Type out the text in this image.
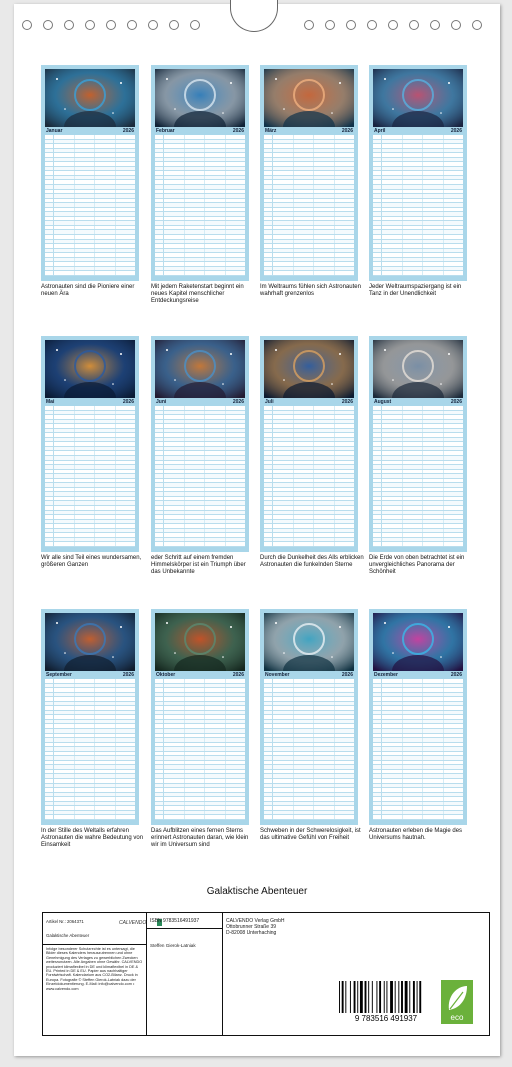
Januar	2026
Astronauten sind die Pioniere einer neuen Ära
Februar	2026
Mit jedem Raketenstart beginnt ein neues Kapitel menschlicher Entdeckungsreise
März	2026
Im Weltraums fühlen sich Astronauten wahrhaft grenzenlos
April	2026
Jeder Weltraumspaziergang ist ein Tanz in der Unendlichkeit
Mai	2026
Wir alle sind Teil eines wundersamen, größeren Ganzen
Juni	2026
eder Schritt auf einem fremden Himmelskörper ist ein Triumph über das Unbekannte
Juli	2026
Durch die Dunkelheit des Alls erblicken Astronauten die funkelnden Sterne
August	2026
Die Erde von oben betrachtet ist ein unvergleichliches Panorama der Schönheit
September	2026
In der Stille des Weltalls erfahren Astronauten die wahre Bedeutung von Einsamkeit
Oktober	2026
Das Aufblitzen eines fernen Sterns erinnert Astronauten daran, wie klein wir im Universum sind
November	2026
Schweben in der Schwerelosigkeit, ist das ultimative Gefühl von Freiheit
Dezember	2026
Astronauten erleben die Magie des Universums hautnah.
Galaktische Abenteuer
Artikel Nr.: 2064371	CALVENDO
Galaktische Abenteuer
Infolge besonderer Schutzrechte ist es untersagt, die Bilder dieses Kalenders herauszutrennen und ohne Genehmigung des Verlages zu gewerblichen Zwecken weiterzunutzen. Alle Angaben ohne Gewähr. CALVENDO produziert klimaflexibel in DE und klimaflexibel in DE & EU. Printed in DE & EU. Papier aus nachhaltiger Forstwirtschaft. Kalendarium aus CO2-Bilanz. Druck in Europa. Fotografie © Steffen Gierok-Latniak dazu der Einzeldokumentierung. E-Mail: info@calvendo.com • www.calvendo.com
ISBN 9783516491937
Steffen Gierok-Latniak
CALVENDO Verlag GmbH
Ottobrunner Straße 39
D-82008 Unterhaching
9 783516 491937	eco
